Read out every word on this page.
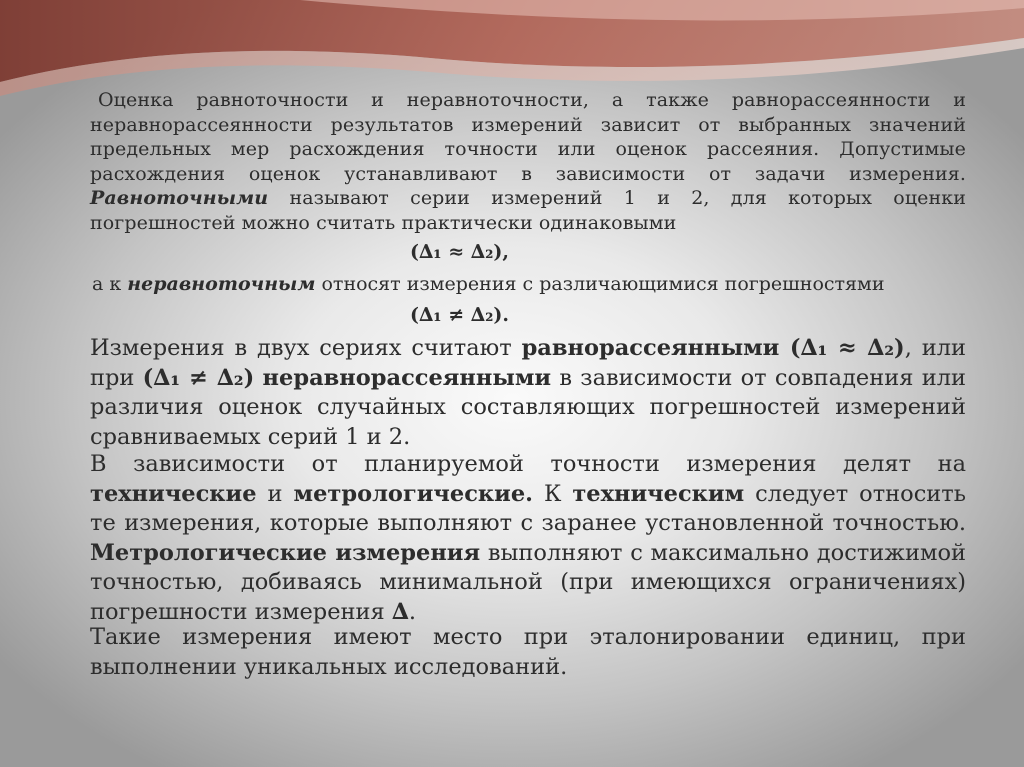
Оценка равноточности и неравноточности, а также равнорассеянности и неравнорассеянности результатов измерений зависит от выбранных значений предельных мер расхождения точности или оценок рассеяния. Допустимые расхождения оценок устанавливают в зависимости от задачи измерения. Равноточными называют серии измерений 1 и 2, для которых оценки погрешностей можно считать практически одинаковыми

(∆₁ ≈ ∆₂),
а к неравноточным относят измерения с различающимися погрешностями
(∆₁ ≠ ∆₂).

Измерения в двух сериях считают равнорассеянными (∆₁ ≈ ∆₂), или при (∆₁ ≠ ∆₂) неравнорассеянными в зависимости от совпадения или различия оценок случайных составляющих погрешностей измерений сравниваемых серий 1 и 2.

В зависимости от планируемой точности измерения делят на технические и метрологические. К техническим следует относить те измерения, которые выполняют с заранее установленной точностью. Метрологические измерения выполняют с максимально достижимой точностью, добиваясь минимальной (при имеющихся ограничениях) погрешности измерения ∆.

Такие измерения имеют место при эталонировании единиц, при выполнении уникальных исследований.
